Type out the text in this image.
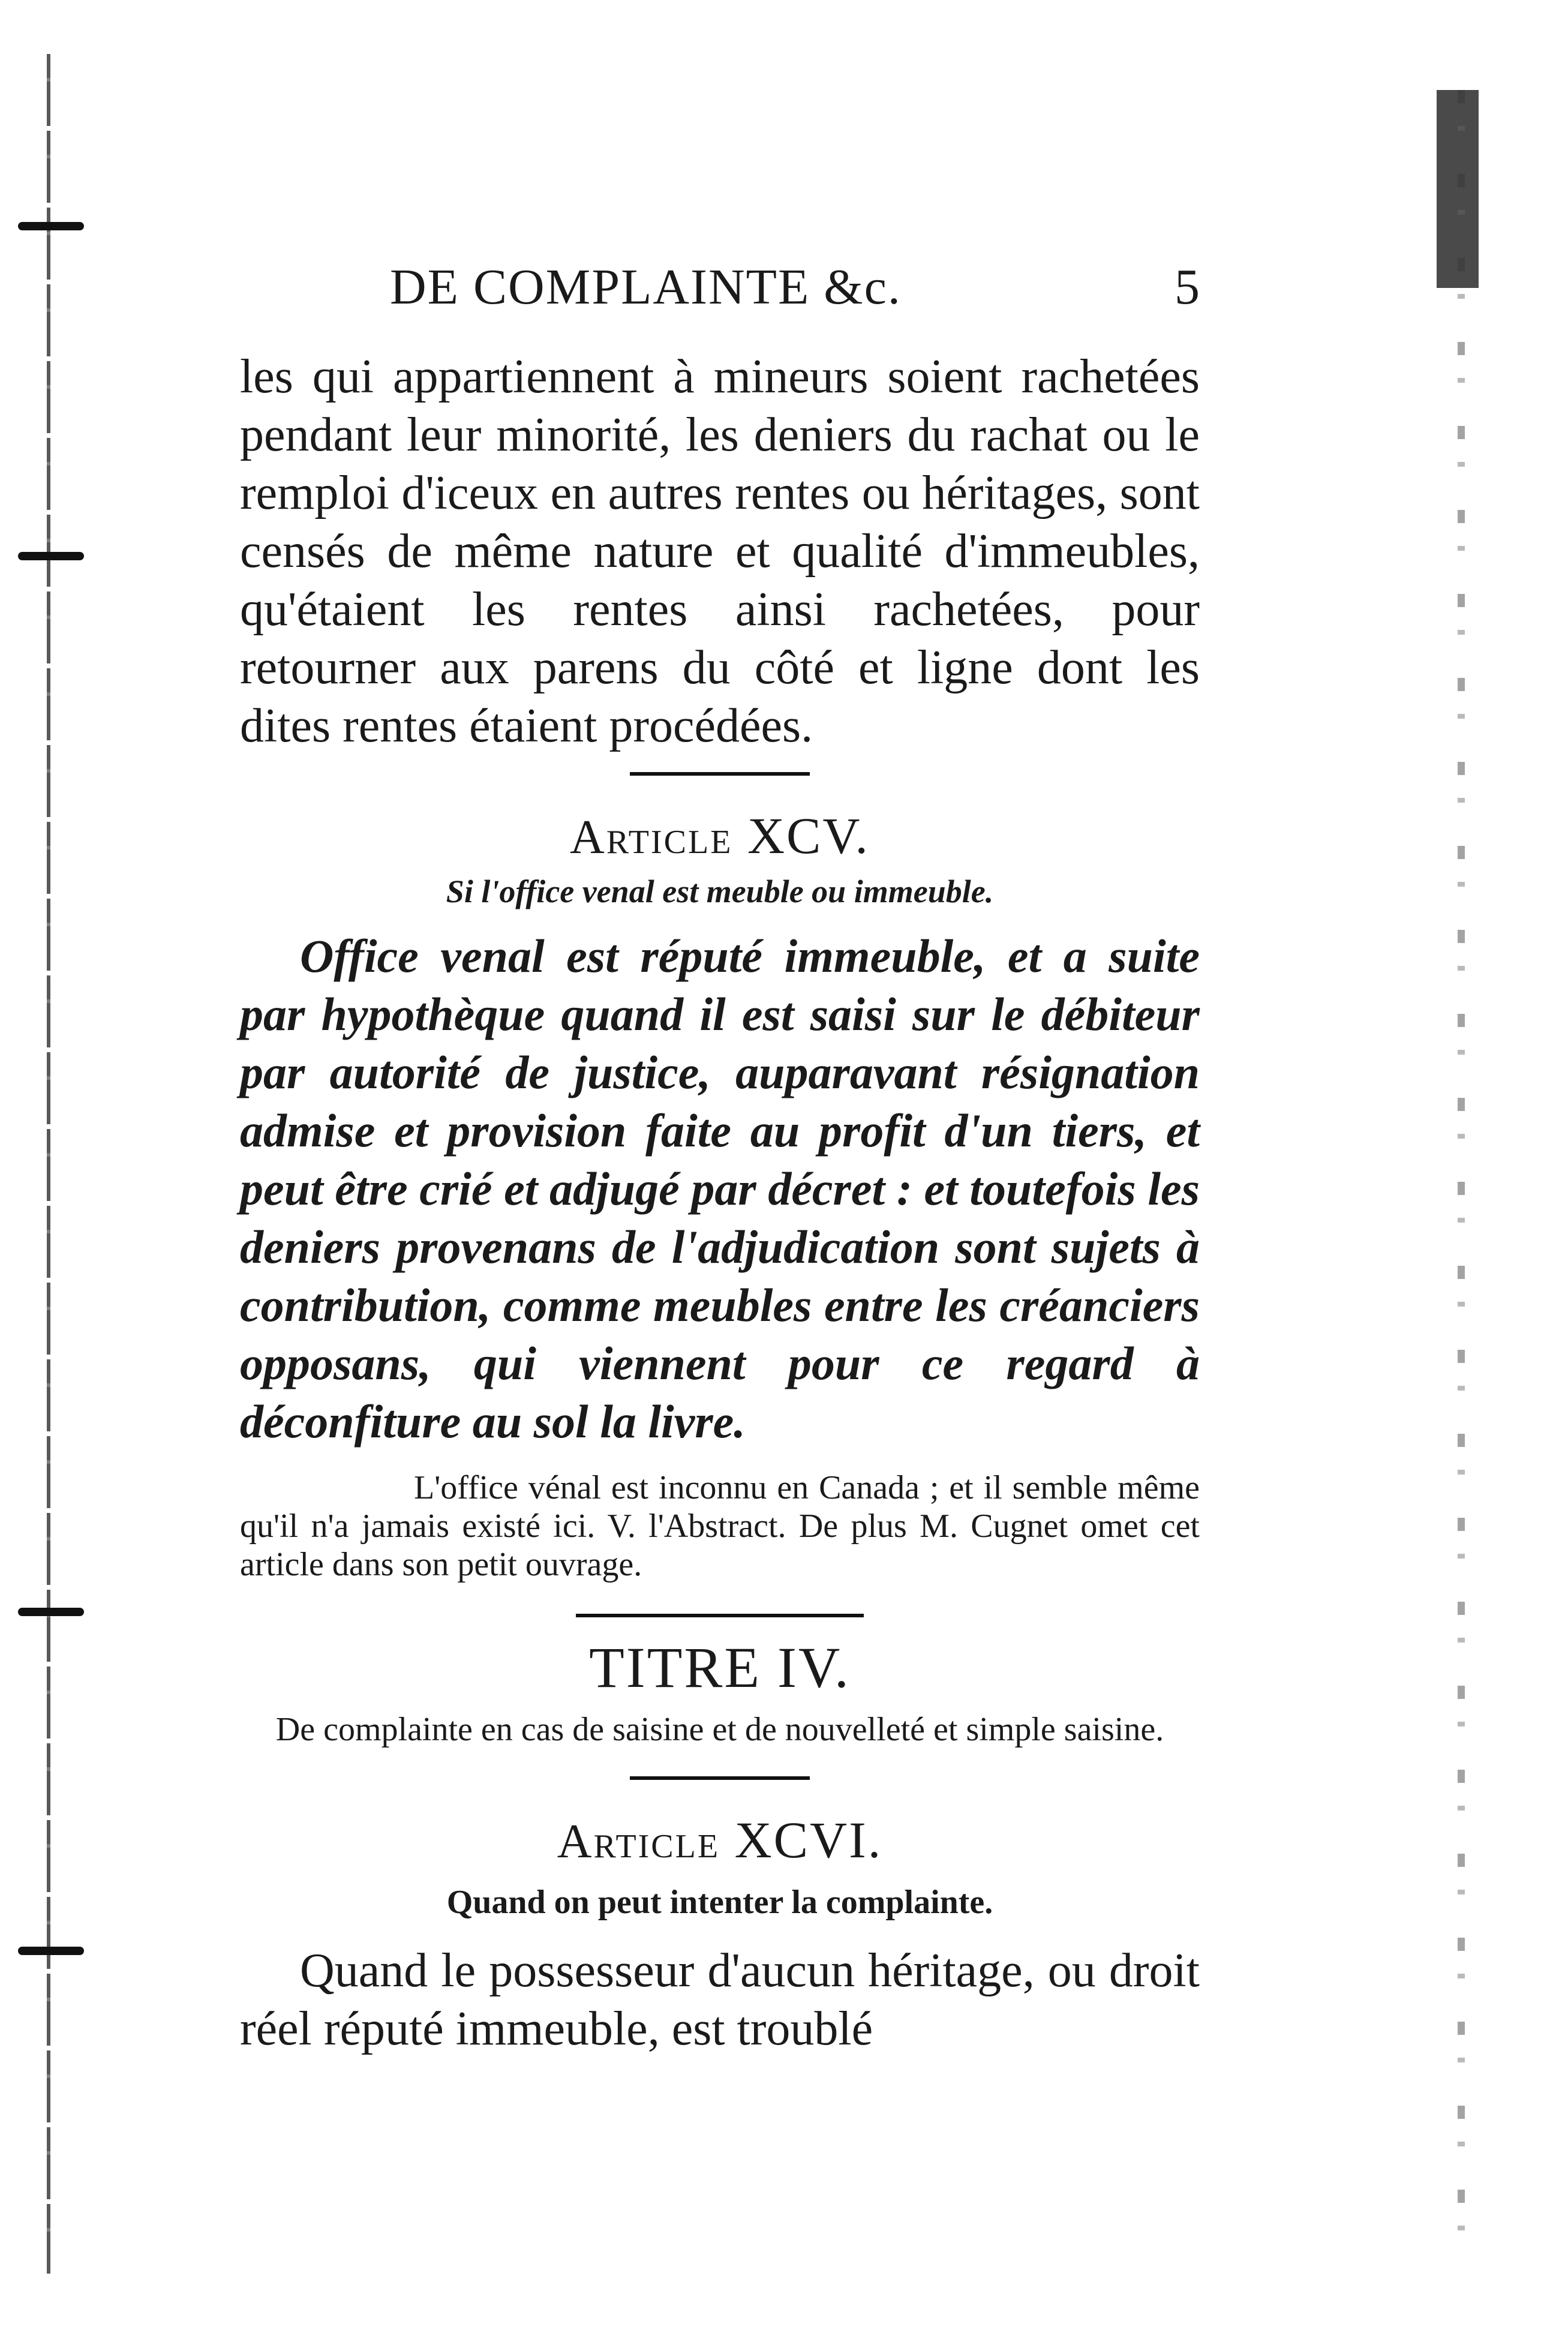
DE COMPLAINTE &c.	5

les qui appartiennent à mineurs soient rachetées pendant leur minorité, les deniers du rachat ou le remploi d'iceux en autres rentes ou héritages, sont censés de même nature et qualité d'immeubles, qu'étaient les rentes ainsi rachetées, pour retourner aux parens du côté et ligne dont les dites rentes étaient procédées.

Article XCV.

Si l'office venal est meuble ou immeuble.

Office venal est réputé immeuble, et a suite par hypothèque quand il est saisi sur le débiteur par autorité de justice, auparavant résignation admise et provision faite au profit d'un tiers, et peut être crié et adjugé par décret : et toutefois les deniers provenans de l'adjudication sont sujets à contribution, comme meubles entre les créanciers opposans, qui viennent pour ce regard à déconfiture au sol la livre.

L'office vénal est inconnu en Canada ; et il semble même qu'il n'a jamais existé ici. V. l'Abstract. De plus M. Cugnet omet cet article dans son petit ouvrage.

TITRE IV.

De complainte en cas de saisine et de nouvelleté et simple saisine.

Article XCVI.

Quand on peut intenter la complainte.

Quand le possesseur d'aucun héritage, ou droit réel réputé immeuble, est troublé
